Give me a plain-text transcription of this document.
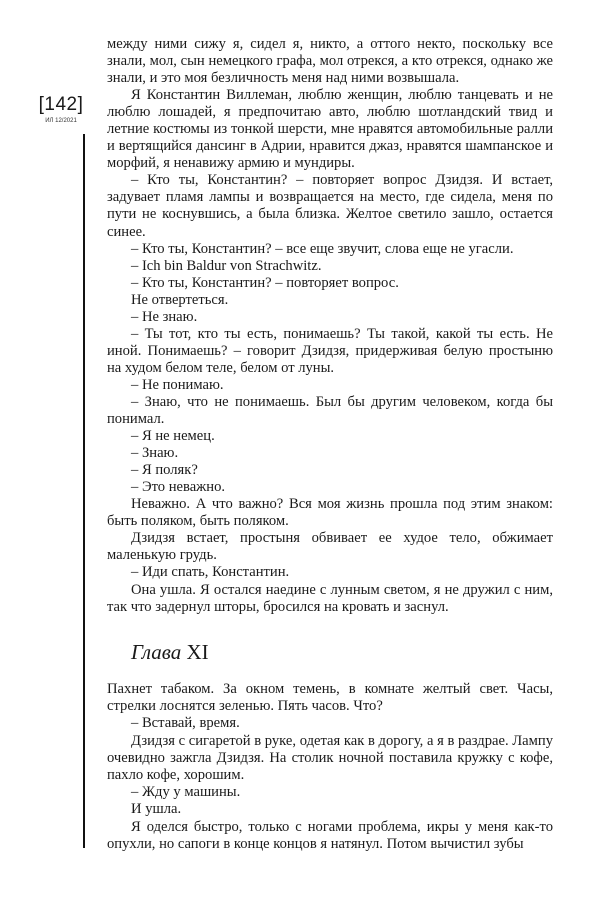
[142]
ИЛ 12/2021

между ними сижу я, сидел я, никто, а оттого некто, поскольку все знали, мол, сын немецкого графа, мол отрекся, а кто отрекся, однако же знали, и это моя безличность меня над ними возвышала.

Я Константин Виллеман, люблю женщин, люблю танцевать и не люблю лошадей, я предпочитаю авто, люблю шотландский твид и летние костюмы из тонкой шерсти, мне нравятся автомобильные ралли и вертящийся дансинг в Адрии, нравится джаз, нравятся шампанское и морфий, я ненавижу армию и мундиры.

– Кто ты, Константин? – повторяет вопрос Дзидзя. И встает, задувает пламя лампы и возвращается на место, где сидела, меня по пути не коснувшись, а была близка. Желтое светило зашло, остается синее.

– Кто ты, Константин? – все еще звучит, слова еще не угасли.

– Ich bin Baldur von Strachwitz.

– Кто ты, Константин? – повторяет вопрос.

Не отвертеться.

– Не знаю.

– Ты тот, кто ты есть, понимаешь? Ты такой, какой ты есть. Не иной. Понимаешь? – говорит Дзидзя, придерживая белую простыню на худом белом теле, белом от луны.

– Не понимаю.

– Знаю, что не понимаешь. Был бы другим человеком, когда бы понимал.

– Я не немец.

– Знаю.

– Я поляк?

– Это неважно.

Неважно. А что важно? Вся моя жизнь прошла под этим знаком: быть поляком, быть поляком.

Дзидзя встает, простыня обвивает ее худое тело, обжимает маленькую грудь.

– Иди спать, Константин.

Она ушла. Я остался наедине с лунным светом, я не дружил с ним, так что задернул шторы, бросился на кровать и заснул.

Глава XI

Пахнет табаком. За окном темень, в комнате желтый свет. Часы, стрелки лоснятся зеленью. Пять часов. Что?

– Вставай, время.

Дзидзя с сигаретой в руке, одетая как в дорогу, а я в раздрае. Лампу очевидно зажгла Дзидзя. На столик ночной поставила кружку с кофе, пахло кофе, хорошим.

– Жду у машины.

И ушла.

Я оделся быстро, только с ногами проблема, икры у меня как-то опухли, но сапоги в конце концов я натянул. Потом вычистил зубы
